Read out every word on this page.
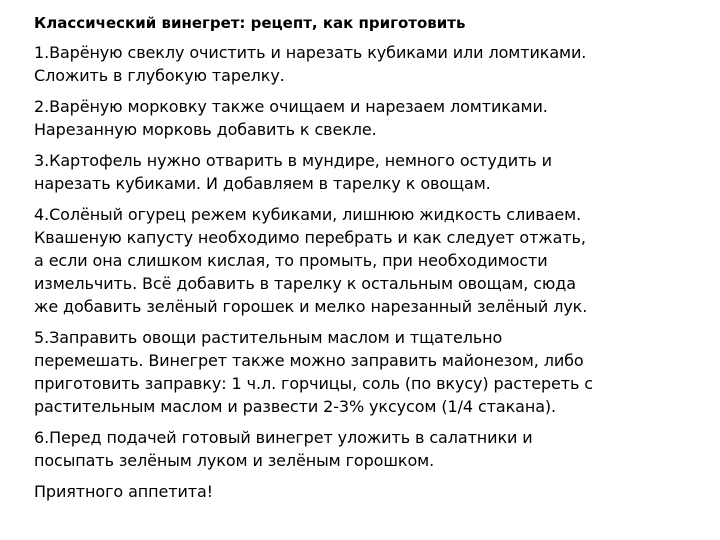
Классический винегрет: рецепт, как приготовить
1.Варёную свеклу очистить и нарезать кубиками или ломтиками.
Сложить в глубокую тарелку.
2.Варёную морковку также очищаем и нарезаем ломтиками.
Нарезанную морковь добавить к свекле.
3.Картофель нужно отварить в мундире, немного остудить и
нарезать кубиками. И добавляем в тарелку к овощам.
4.Солёный огурец режем кубиками, лишнюю жидкость сливаем.
Квашеную капусту необходимо перебрать и как следует отжать,
а если она слишком кислая, то промыть, при необходимости
измельчить. Всё добавить в тарелку к остальным овощам, сюда
же добавить зелёный горошек и мелко нарезанный зелёный лук.
5.Заправить овощи растительным маслом и тщательно
перемешать. Винегрет также можно заправить майонезом, либо
приготовить заправку: 1 ч.л. горчицы, соль (по вкусу) растереть с
растительным маслом и развести 2-3% уксусом (1/4 стакана).
6.Перед подачей готовый винегрет уложить в салатники и
посыпать зелёным луком и зелёным горошком.
Приятного аппетита!
